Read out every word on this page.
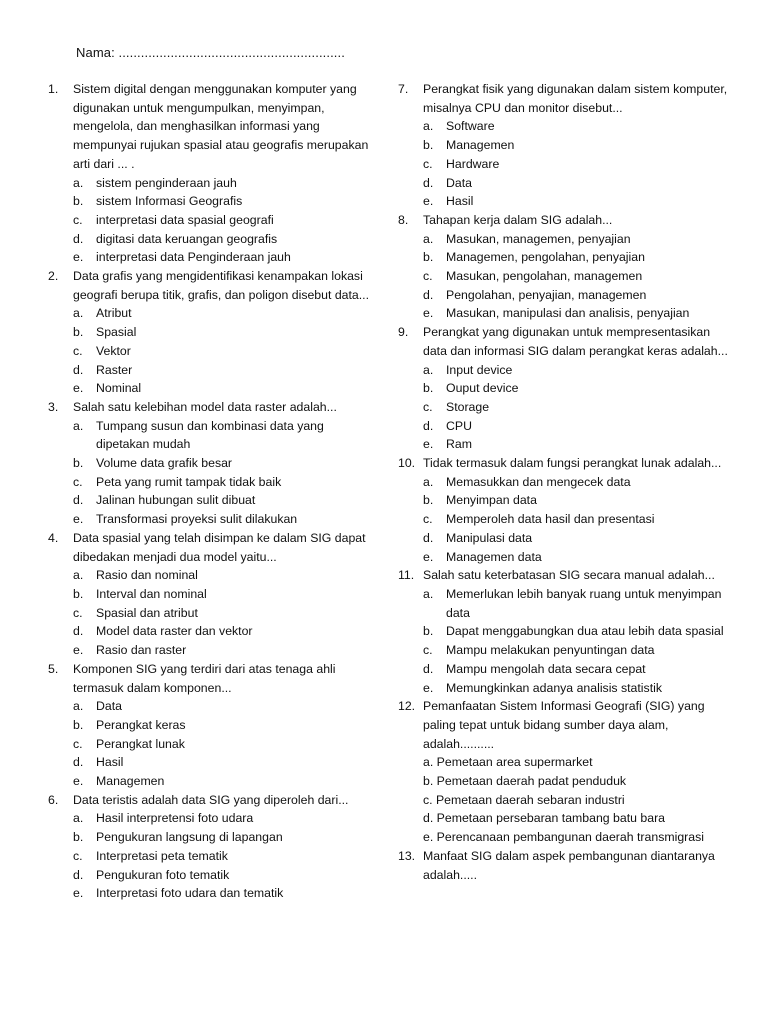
Nama: .............................................................
1.	Sistem digital dengan menggunakan komputer yang digunakan untuk mengumpulkan, menyimpan, mengelola, dan menghasilkan informasi yang mempunyai rujukan spasial atau geografis merupakan arti dari ... .
a.	sistem penginderaan jauh
b.	sistem Informasi Geografis
c.	interpretasi data spasial geografi
d.	digitasi data keruangan geografis
e.	interpretasi data Penginderaan jauh
2.	Data grafis yang mengidentifikasi kenampakan lokasi geografi berupa titik, grafis, dan poligon disebut data...
a.	Atribut
b.	Spasial
c.	Vektor
d.	Raster
e.	Nominal
3.	Salah satu kelebihan model data raster adalah...
a.	Tumpang susun dan kombinasi data yang dipetakan mudah
b.	Volume data grafik besar
c.	Peta yang rumit tampak tidak baik
d.	Jalinan hubungan sulit dibuat
e.	Transformasi proyeksi sulit dilakukan
4.	Data spasial yang telah disimpan ke dalam SIG dapat dibedakan menjadi dua model yaitu...
a.	Rasio dan nominal
b.	Interval dan nominal
c.	Spasial dan atribut
d.	Model data raster dan vektor
e.	Rasio dan raster
5.	Komponen SIG yang terdiri dari atas tenaga ahli termasuk dalam komponen...
a.	Data
b.	Perangkat keras
c.	Perangkat lunak
d.	Hasil
e.	Managemen
6.	Data teristis adalah data SIG yang diperoleh dari...
a.	Hasil interpretensi foto udara
b.	Pengukuran langsung di lapangan
c.	Interpretasi peta tematik
d.	Pengukuran foto tematik
e.	Interpretasi foto udara dan tematik
7.	Perangkat fisik yang digunakan dalam sistem komputer, misalnya CPU dan monitor disebut...
a.	Software
b.	Managemen
c.	Hardware
d.	Data
e.	Hasil
8.	Tahapan kerja dalam SIG adalah...
a.	Masukan, managemen, penyajian
b.	Managemen, pengolahan, penyajian
c.	Masukan, pengolahan, managemen
d.	Pengolahan, penyajian, managemen
e.	Masukan, manipulasi dan analisis, penyajian
9.	Perangkat yang digunakan untuk mempresentasikan data dan informasi SIG dalam perangkat keras adalah...
a.	Input device
b.	Ouput device
c.	Storage
d.	CPU
e.	Ram
10. Tidak termasuk dalam fungsi perangkat lunak adalah...
a.	Memasukkan dan mengecek data
b.	Menyimpan data
c.	Memperoleh data hasil dan presentasi
d.	Manipulasi data
e.	Managemen data
11. Salah satu keterbatasan SIG secara manual adalah...
a.	Memerlukan lebih banyak ruang untuk menyimpan data
b.	Dapat menggabungkan dua atau lebih data spasial
c.	Mampu melakukan penyuntingan data
d.	Mampu mengolah data secara cepat
e.	Memungkinkan adanya analisis statistik
12. Pemanfaatan Sistem Informasi Geografi (SIG) yang paling tepat untuk bidang sumber daya alam, adalah..........
a. Pemetaan area supermarket
b. Pemetaan daerah padat penduduk
c. Pemetaan daerah sebaran industri
d. Pemetaan persebaran tambang batu bara
e. Perencanaan pembangunan daerah transmigrasi
13. Manfaat SIG dalam aspek pembangunan diantaranya adalah.....
